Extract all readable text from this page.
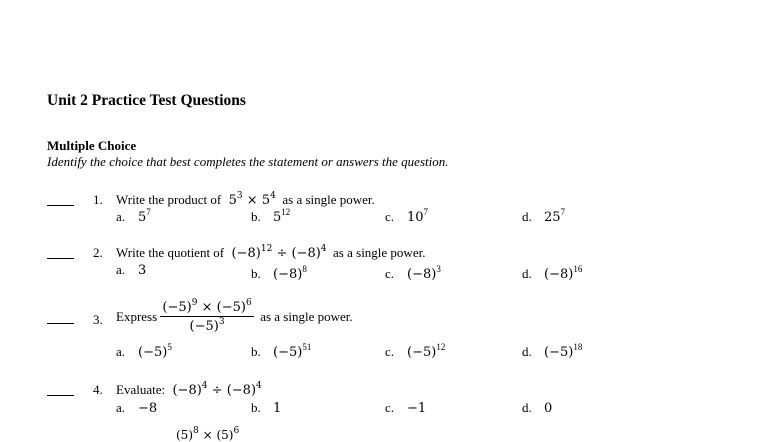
Unit 2 Practice Test Questions
Multiple Choice
Identify the choice that best completes the statement or answers the question.
1. Write the product of $5^3 \times 5^4$ as a single power.
a. $5^7$	b. $5^{12}$	c. $10^7$	d. $25^7$
2. Write the quotient of $(-8)^{12} \div (-8)^4$ as a single power.
a. 3	b. $(-8)^8$	c. $(-8)^3$	d. $(-8)^{16}$
3. Express $\frac{(-5)^9 \times (-5)^6}{(-5)^3}$ as a single power.
a. $(-5)^5$	b. $(-5)^{51}$	c. $(-5)^{12}$	d. $(-5)^{18}$
4. Evaluate: $(-8)^4 \div (-8)^4$
a. −8	b. 1	c. −1	d. 0
$(5)^8 \times (5)^6$
